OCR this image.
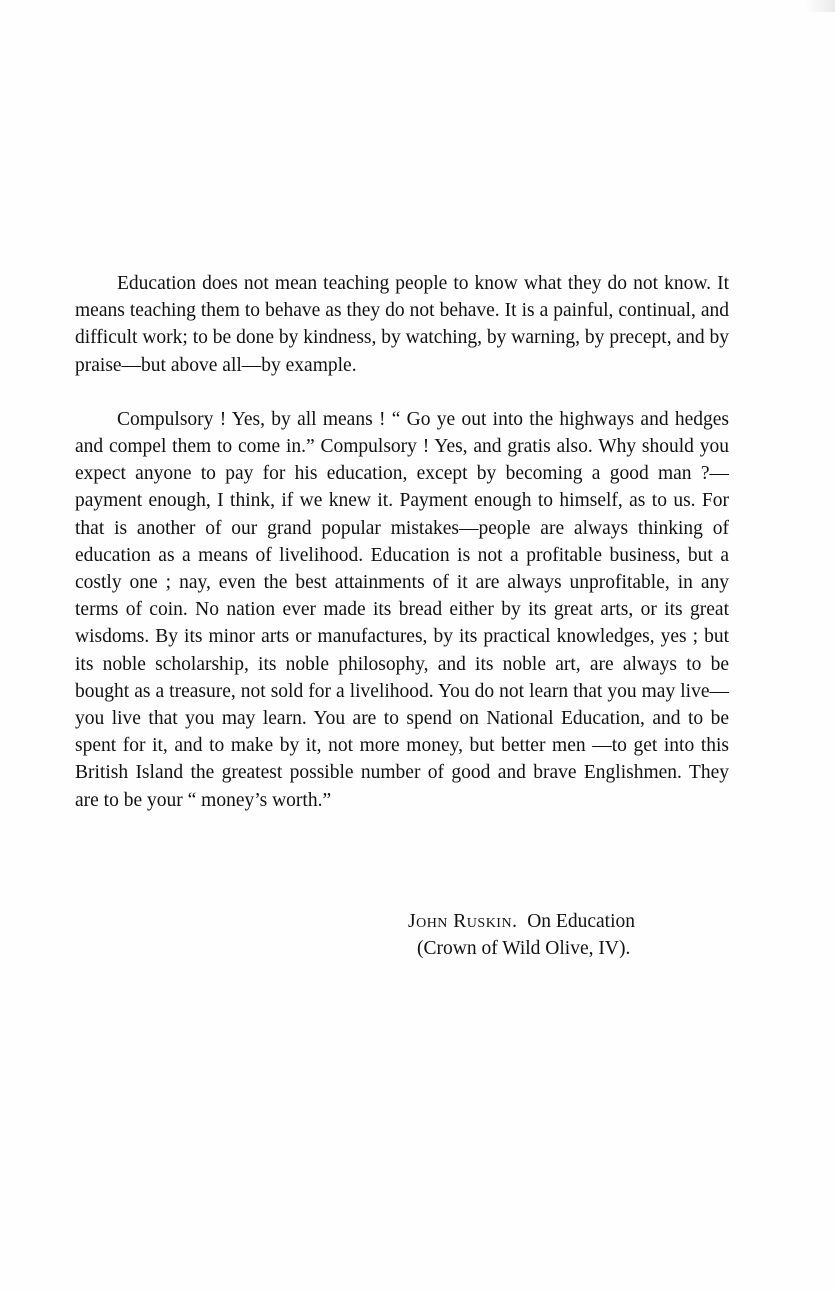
Education does not mean teaching people to know what they do not know. It means teaching them to behave as they do not behave. It is a painful, continual, and difficult work; to be done by kindness, by watching, by warning, by precept, and by praise—but above all—by example.

Compulsory ! Yes, by all means ! “ Go ye out into the highways and hedges and compel them to come in.” Compulsory ! Yes, and gratis also. Why should you expect anyone to pay for his education, except by becoming a good man ?—payment enough, I think, if we knew it. Payment enough to himself, as to us. For that is another of our grand popular mistakes—people are always thinking of education as a means of livelihood. Education is not a profitable business, but a costly one ; nay, even the best attainments of it are always unprofitable, in any terms of coin. No nation ever made its bread either by its great arts, or its great wisdoms. By its minor arts or manufactures, by its practical knowledges, yes ; but its noble scholarship, its noble philosophy, and its noble art, are always to be bought as a treasure, not sold for a livelihood. You do not learn that you may live—you live that you may learn. You are to spend on National Education, and to be spent for it, and to make by it, not more money, but better men —to get into this British Island the greatest possible number of good and brave Englishmen. They are to be your “ money’s worth.”

John Ruskin. On Education
(Crown of Wild Olive, IV).
